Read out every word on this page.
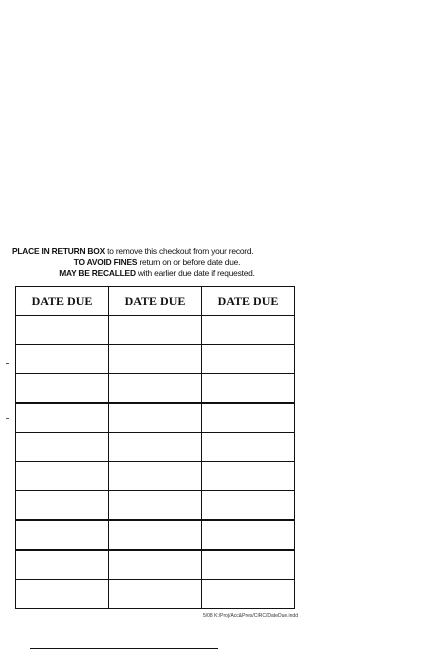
PLACE IN RETURN BOX to remove this checkout from your record.
TO AVOID FINES return on or before date due.
MAY BE RECALLED with earlier due date if requested.
DATE DUE	DATE DUE	DATE DUE

5/08 K:/Proj/Acc&Pres/CIRC/DateDue.indd
